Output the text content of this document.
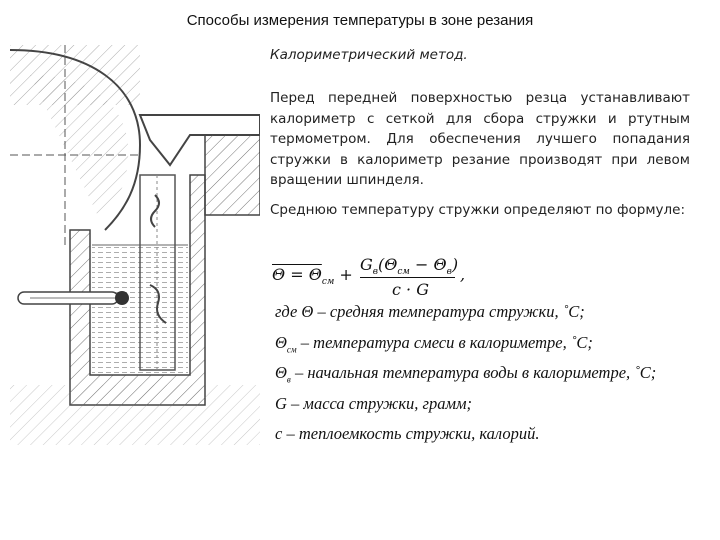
Способы измерения температуры в зоне резания
Калориметрический метод.
Перед передней поверхностью резца устанавливают калориметр с сеткой для сбора стружки и ртутным термометром. Для обеспечения лучшего попадания стружки в калориметр резание производят при левом вращении шпинделя.
Среднюю температуру стружки определяют по формуле:
$\Theta = \Theta_{см}$ +
$G_в(\Theta_{см} - \Theta_в)$
c · G
,
где Θ – средняя температура стружки, ˚C;
$\Theta_{см}$ – температура смеси в калориметре, ˚C;
$\Theta_в$ – начальная температура воды в калориметре, ˚C;
G – масса стружки, грамм;
c – теплоемкость стружки, калорий.
